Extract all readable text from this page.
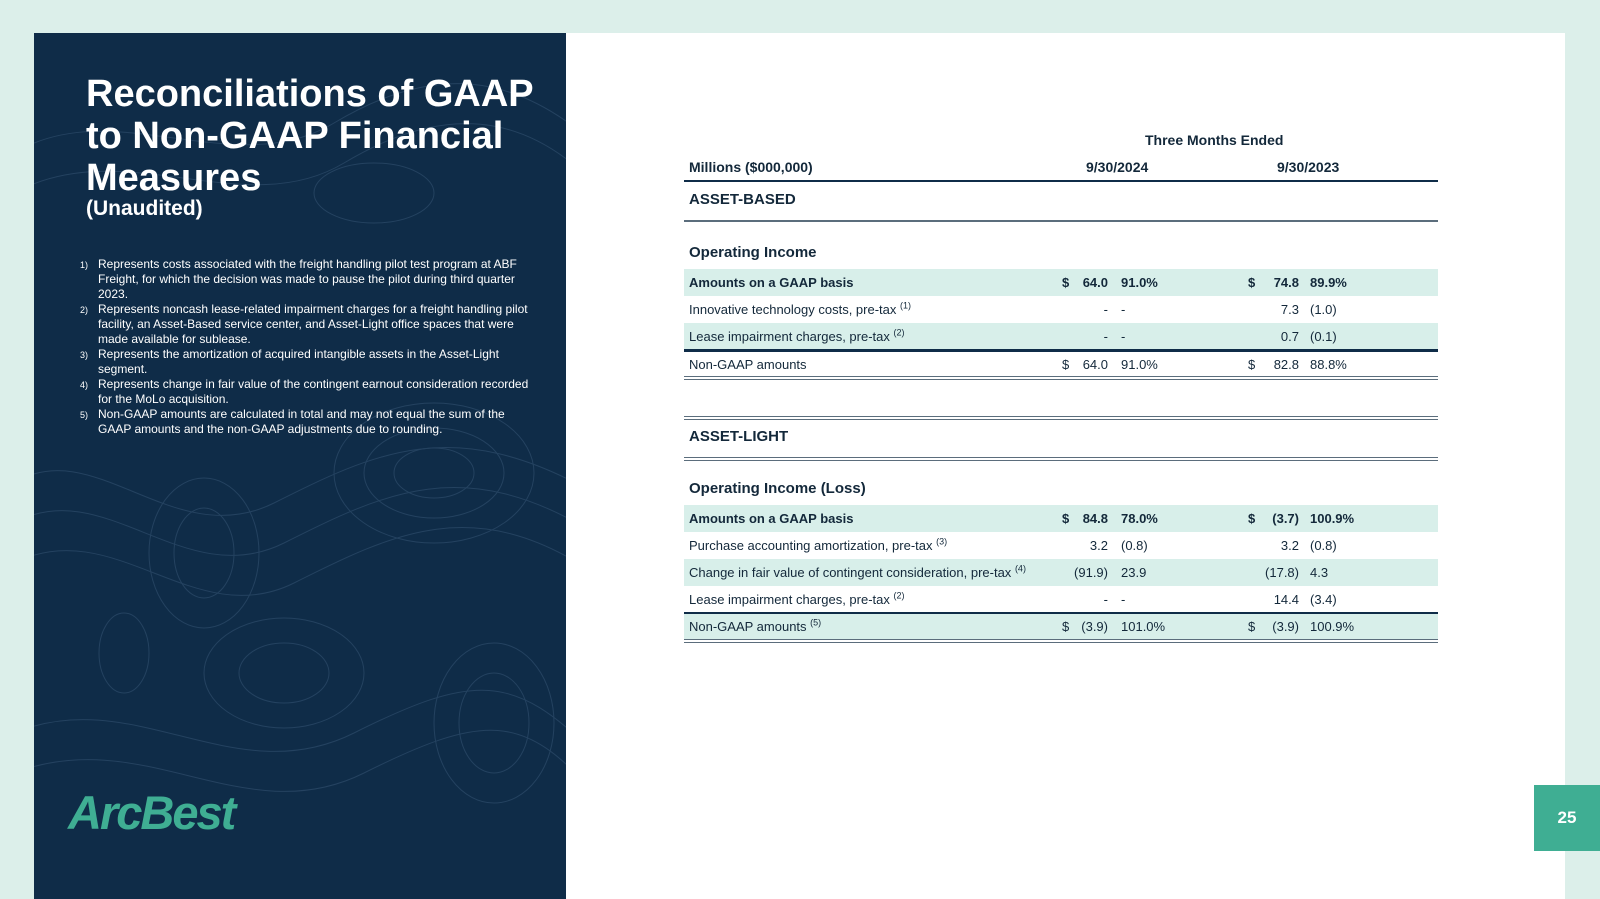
Reconciliations of GAAP to Non-GAAP Financial Measures
(Unaudited)
1) Represents costs associated with the freight handling pilot test program at ABF Freight, for which the decision was made to pause the pilot during third quarter 2023.
2) Represents noncash lease-related impairment charges for a freight handling pilot facility, an Asset-Based service center, and Asset-Light office spaces that were made available for sublease.
3) Represents the amortization of acquired intangible assets in the Asset-Light segment.
4) Represents change in fair value of the contingent earnout consideration recorded for the MoLo acquisition.
5) Non-GAAP amounts are calculated in total and may not equal the sum of the GAAP amounts and the non-GAAP adjustments due to rounding.
ArcBest	25
Three Months Ended
Millions ($000,000)	9/30/2024	9/30/2023
ASSET-BASED
Operating Income
Amounts on a GAAP basis	$ 64.0 91.0%	$ 74.8 89.9%
Innovative technology costs, pre-tax $^{(1)}$	- -	7.3 (1.0)
Lease impairment charges, pre-tax $^{(2)}$	- -	0.7 (0.1)
Non-GAAP amounts	$ 64.0 91.0%	$ 82.8 88.8%
ASSET-LIGHT
Operating Income (Loss)
Amounts on a GAAP basis	$ 84.8 78.0%	$ (3.7) 100.9%
Purchase accounting amortization, pre-tax $^{(3)}$	3.2 (0.8)	3.2 (0.8)
Change in fair value of contingent consideration, pre-tax $^{(4)}$	(91.9) 23.9	(17.8) 4.3
Lease impairment charges, pre-tax $^{(2)}$	- -	14.4 (3.4)
Non-GAAP amounts $^{(5)}$	$ (3.9) 101.0%	$ (3.9) 100.9%
